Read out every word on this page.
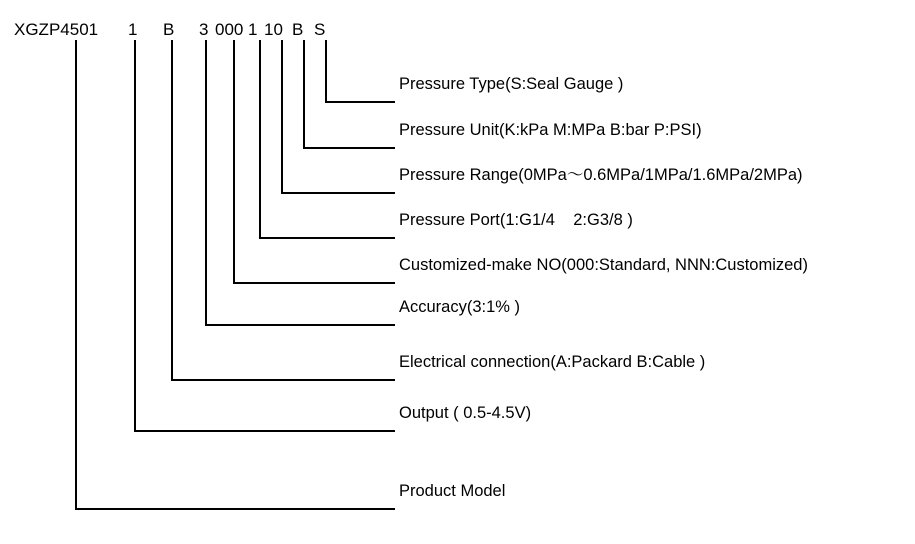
XGZP4501 1 B 3 000 1 10 B S
Pressure Type(S:Seal Gauge )
Pressure Unit(K:kPa M:MPa B:bar P:PSI)
Pressure Range(0MPa～0.6MPa/1MPa/1.6MPa/2MPa)
Pressure Port(1:G1/4    2:G3/8 )
Customized-make NO(000:Standard, NNN:Customized)
Accuracy(3:1% )
Electrical connection(A:Packard B:Cable )
Output ( 0.5-4.5V)
Product Model
